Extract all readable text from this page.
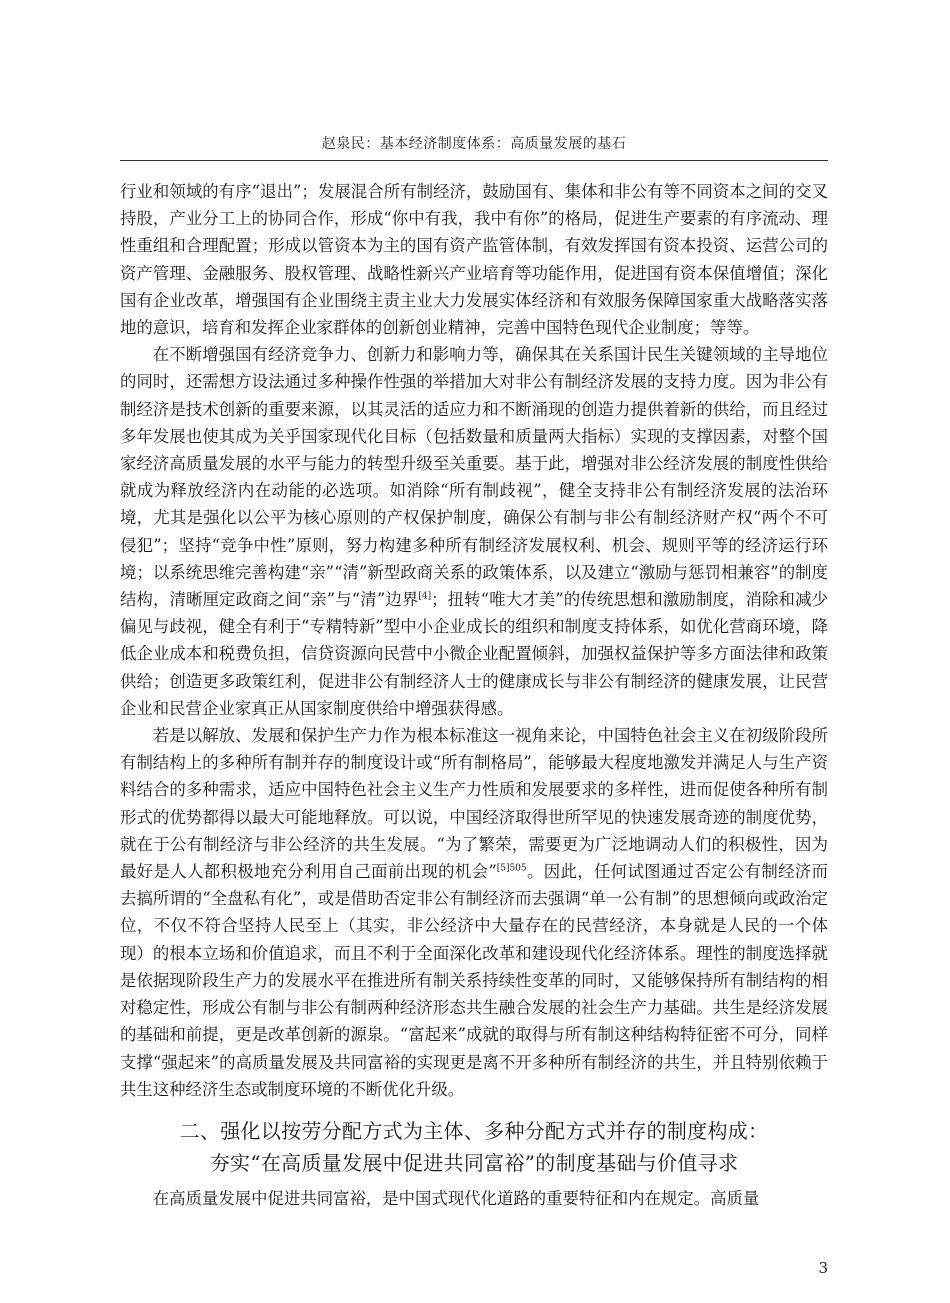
赵泉民：基本经济制度体系：高质量发展的基石

行业和领域的有序“退出”；发展混合所有制经济，鼓励国有、集体和非公有等不同资本之间的交叉持股，产业分工上的协同合作，形成“你中有我，我中有你”的格局，促进生产要素的有序流动、理性重组和合理配置；形成以管资本为主的国有资产监管体制，有效发挥国有资本投资、运营公司的资产管理、金融服务、股权管理、战略性新兴产业培育等功能作用，促进国有资本保值增值；深化国有企业改革，增强国有企业围绕主责主业大力发展实体经济和有效服务保障国家重大战略落实落地的意识，培育和发挥企业家群体的创新创业精神，完善中国特色现代企业制度；等等。

在不断增强国有经济竞争力、创新力和影响力等，确保其在关系国计民生关键领域的主导地位的同时，还需想方设法通过多种操作性强的举措加大对非公有制经济发展的支持力度。因为非公有制经济是技术创新的重要来源，以其灵活的适应力和不断涌现的创造力提供着新的供给，而且经过多年发展也使其成为关乎国家现代化目标（包括数量和质量两大指标）实现的支撑因素，对整个国家经济高质量发展的水平与能力的转型升级至关重要。基于此，增强对非公经济发展的制度性供给就成为释放经济内在动能的必选项。如消除“所有制歧视”，健全支持非公有制经济发展的法治环境，尤其是强化以公平为核心原则的产权保护制度，确保公有制与非公有制经济财产权“两个不可侵犯”；坚持“竞争中性”原则，努力构建多种所有制经济发展权利、机会、规则平等的经济运行环境；以系统思维完善构建“亲”“清”新型政商关系的政策体系，以及建立“激励与惩罚相兼容”的制度结构，清晰厘定政商之间“亲”与“清”边界[4]；扭转“唯大才美”的传统思想和激励制度，消除和减少偏见与歧视，健全有利于“专精特新”型中小企业成长的组织和制度支持体系，如优化营商环境，降低企业成本和税费负担，信贷资源向民营中小微企业配置倾斜，加强权益保护等多方面法律和政策供给；创造更多政策红利，促进非公有制经济人士的健康成长与非公有制经济的健康发展，让民营企业和民营企业家真正从国家制度供给中增强获得感。

若是以解放、发展和保护生产力作为根本标准这一视角来论，中国特色社会主义在初级阶段所有制结构上的多种所有制并存的制度设计或“所有制格局”，能够最大程度地激发并满足人与生产资料结合的多种需求，适应中国特色社会主义生产力性质和发展要求的多样性，进而促使各种所有制形式的优势都得以最大可能地释放。可以说，中国经济取得世所罕见的快速发展奇迹的制度优势，就在于公有制经济与非公经济的共生发展。“为了繁荣，需要更为广泛地调动人们的积极性，因为最好是人人都积极地充分利用自己面前出现的机会”$^{[5]505}$。因此，任何试图通过否定公有制经济而去搞所谓的“全盘私有化”，或是借助否定非公有制经济而去强调“单一公有制”的思想倾向或政治定位，不仅不符合坚持人民至上（其实，非公经济中大量存在的民营经济，本身就是人民的一个体现）的根本立场和价值追求，而且不利于全面深化改革和建设现代化经济体系。理性的制度选择就是依据现阶段生产力的发展水平在推进所有制关系持续性变革的同时，又能够保持所有制结构的相对稳定性，形成公有制与非公有制两种经济形态共生融合发展的社会生产力基础。共生是经济发展的基础和前提，更是改革创新的源泉。“富起来”成就的取得与所有制这种结构特征密不可分，同样支撑“强起来”的高质量发展及共同富裕的实现更是离不开多种所有制经济的共生，并且特别依赖于共生这种经济生态或制度环境的不断优化升级。

二、强化以按劳分配方式为主体、多种分配方式并存的制度构成：
夯实“在高质量发展中促进共同富裕”的制度基础与价值寻求

在高质量发展中促进共同富裕，是中国式现代化道路的重要特征和内在规定。高质量

3
